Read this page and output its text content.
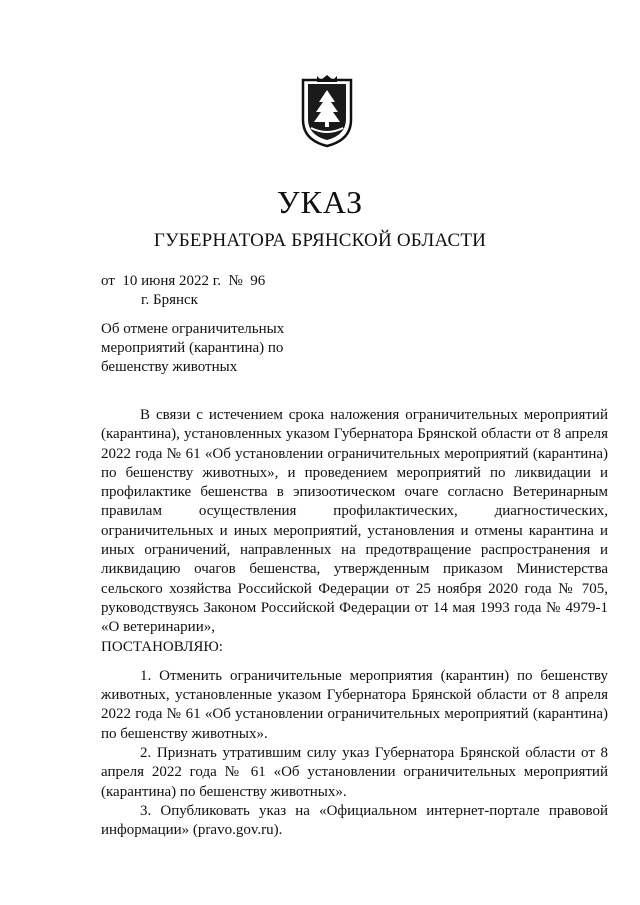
УКАЗ
ГУБЕРНАТОРА БРЯНСКОЙ ОБЛАСТИ
от  10 июня 2022 г.  №  96
г. Брянск
Об отмене ограничительных мероприятий (карантина) по бешенству животных

В связи с истечением срока наложения ограничительных мероприятий (карантина), установленных указом Губернатора Брянской области от 8 апреля 2022 года № 61 «Об установлении ограничительных мероприятий (карантина) по бешенству животных», и проведением мероприятий по ликвидации и профилактике бешенства в эпизоотическом очаге согласно Ветеринарным правилам осуществления профилактических, диагностических, ограничительных и иных мероприятий, установления и отмены карантина и иных ограничений, направленных на предотвращение распространения и ликвидацию очагов бешенства, утвержденным приказом Министерства сельского хозяйства Российской Федерации от 25 ноября 2020 года № 705, руководствуясь Законом Российской Федерации от 14 мая 1993 года № 4979-1 «О ветеринарии»,

ПОСТАНОВЛЯЮ:

1. Отменить ограничительные мероприятия (карантин) по бешенству животных, установленные указом Губернатора Брянской области от 8 апреля 2022 года № 61 «Об установлении ограничительных мероприятий (карантина) по бешенству животных».

2. Признать утратившим силу указ Губернатора Брянской области от 8 апреля 2022 года № 61 «Об установлении ограничительных мероприятий (карантина) по бешенству животных».

3. Опубликовать указ на «Официальном интернет-портале правовой информации» (pravo.gov.ru).
